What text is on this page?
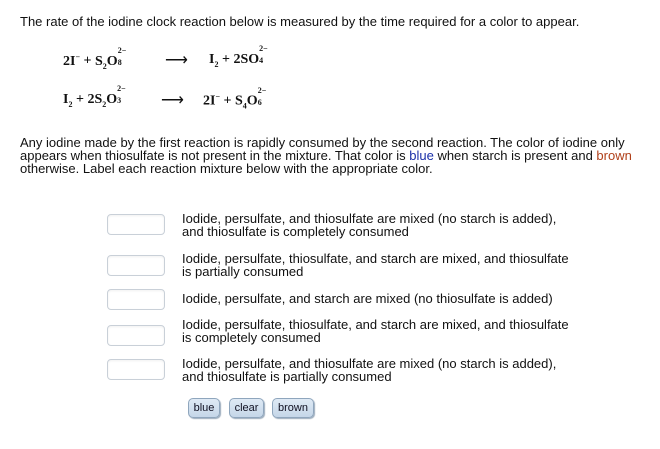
The rate of the iodine clock reaction below is measured by the time required for a color to appear.
$2I^- + S_2O$
2−
8	⟶ $I_2 + 2SO$
2−
4
$I_2 + 2S_2O$
2−
3 ⟶ $2I^- + S_4O$
2−
6
Any iodine made by the first reaction is rapidly consumed by the second reaction. The color of iodine only appears when thiosulfate is not present in the mixture. That color is blue when starch is present and brown otherwise. Label each reaction mixture below with the appropriate color.
Iodide, persulfate, and thiosulfate are mixed (no starch is added),
and thiosulfate is completely consumed
Iodide, persulfate, thiosulfate, and starch are mixed, and thiosulfate
is partially consumed
Iodide, persulfate, and starch are mixed (no thiosulfate is added)
Iodide, persulfate, thiosulfate, and starch are mixed, and thiosulfate
is completely consumed
Iodide, persulfate, and thiosulfate are mixed (no starch is added),
and thiosulfate is partially consumed
blue	clear	brown
